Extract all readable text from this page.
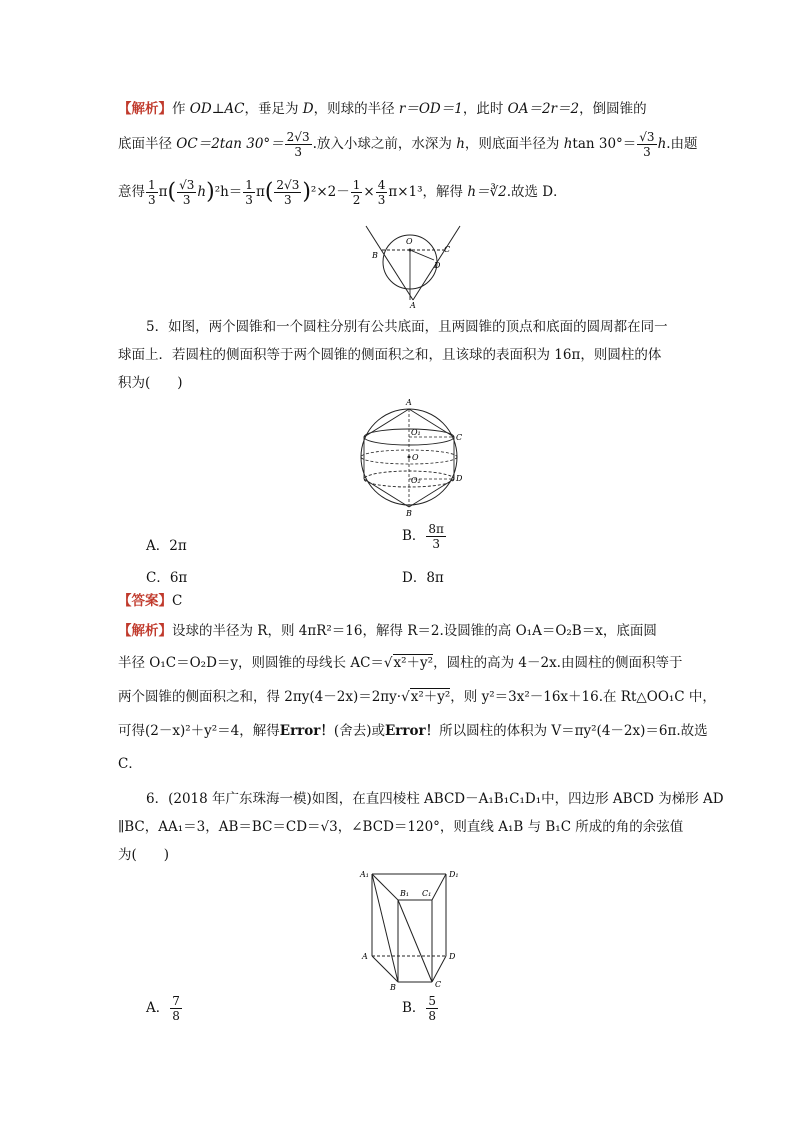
【解析】作 OD⊥AC，垂足为 D，则球的半径 r＝OD＝1，此时 OA＝2r＝2，倒圆锥的
底面半径 OC＝2tan $30^\circ= \frac{2√3}{3}$ .放入小球之前，水深为 h，则底面半径为 htan $30^\circ= \frac{√3}{3} h$.由题
意得 $\frac{1}{3} \pi( \frac{√3}{3} h)^2h= \frac{1}{3} \pi( \frac{2√3}{3} )^2\times 2- \frac{1}{2} \times \frac{4}{3} \pi\times 1^3$，解得 h＝∛2.故选 D．
O
B
C
D
A
5．如图，两个圆锥和一个圆柱分别有公共底面，且两圆锥的顶点和底面的圆周都在同一
球面上．若圆柱的侧面积等于两个圆锥的侧面积之和，且该球的表面积为 16π，则圆柱的体
积为(　　)
A
O₁
C
O
O₂	D
B
A．2π
B． $\frac{8\pi}{3}$
C．6π	D．8π
【答案】C
【解析】设球的半径为 R，则 4πR²＝16，解得 R＝2.设圆锥的高 O₁A＝O₂B＝x，底面圆
半径 O₁C＝O₂D＝y，则圆锥的母线长 AC＝√x²＋y²，圆柱的高为 4－2x.由圆柱的侧面积等于
两个圆锥的侧面积之和，得 2πy(4－2x)＝2πy·√x²＋y²，则 y²＝3x²－16x＋16.在 Rt△OO₁C 中，
可得(2－x)²＋y²＝4，解得Error！(舍去)或Error！所以圆柱的体积为 V＝πy²(4－2x)＝6π.故选
C．
6．(2018 年广东珠海一模)如图，在直四棱柱 ABCD－A₁B₁C₁D₁中，四边形 ABCD 为梯形 AD
∥BC，AA₁＝3，AB＝BC＝CD＝√3，∠BCD＝120°，则直线 A₁B 与 B₁C 所成的角的余弦值
为(　　)
A₁
B₁ C₁
D₁
A	D
B	C
A． $\frac{7}{8}$	B． $\frac{5}{8}$
